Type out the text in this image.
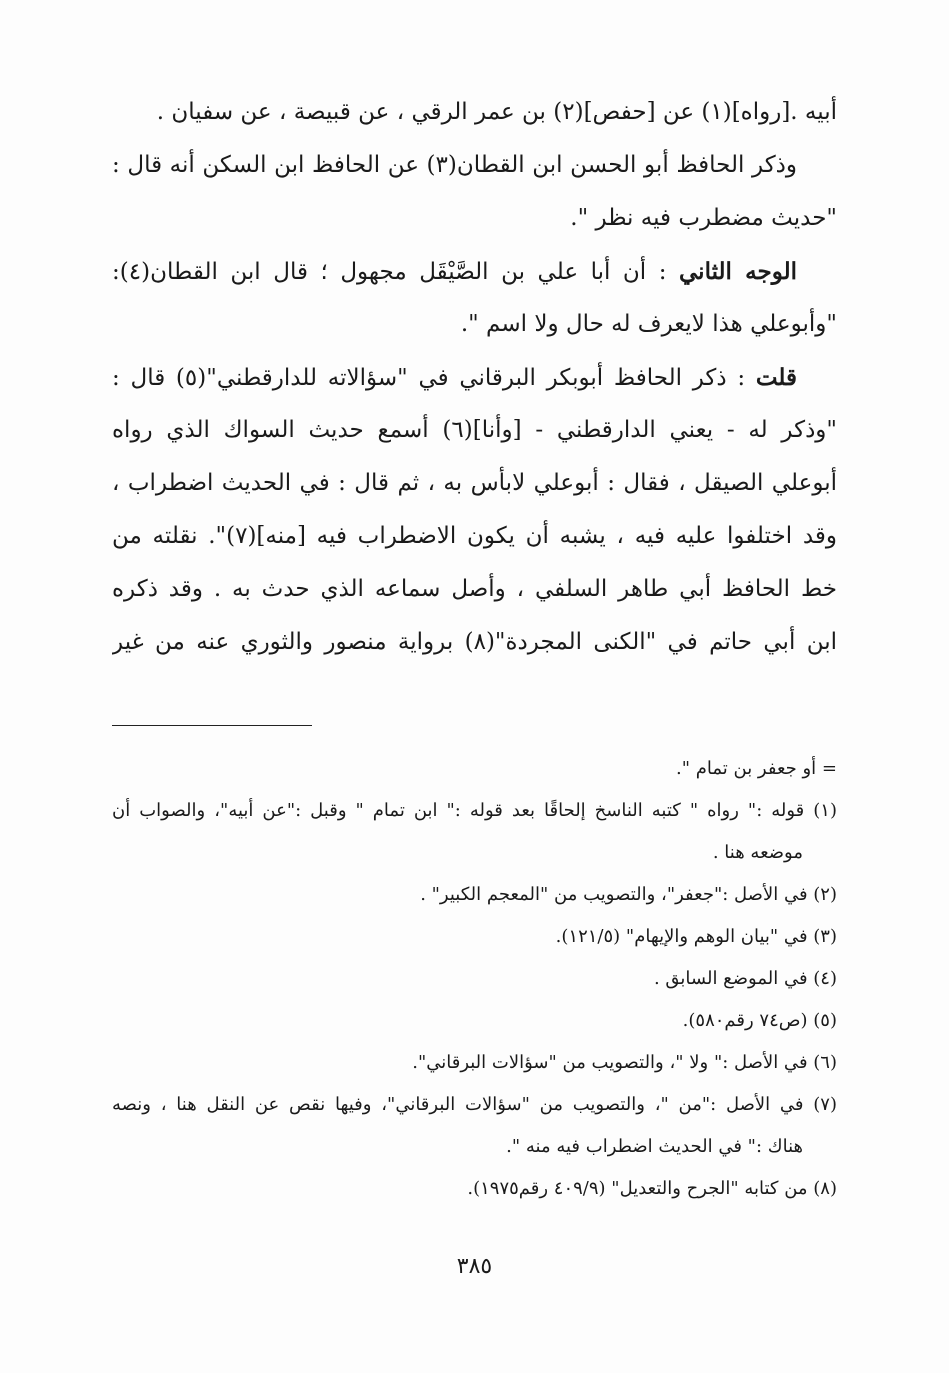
أبيه .[رواه](١) عن [حفص](٢) بن عمر الرقي ، عن قبيصة ، عن سفيان .
وذكر الحافظ أبو الحسن ابن القطان(٣) عن الحافظ ابن السكن أنه قال :
"حديث مضطرب فيه نظر ".
الوجه الثاني : أن أبا علي بن الصَّيْقَل مجهول ؛ قال ابن القطان(٤):
"وأبوعلي هذا لايعرف له حال ولا اسم ".
قلت : ذكر الحافظ أبوبكر البرقاني في "سؤالاته للدارقطني"(٥) قال :
"وذكر له - يعني الدارقطني - [وأنا](٦) أسمع حديث السواك الذي رواه
أبوعلي الصيقل ، فقال : أبوعلي لابأس به ، ثم قال : في الحديث اضطراب ،
وقد اختلفوا عليه فيه ، يشبه أن يكون الاضطراب فيه [منه](٧)". نقلته من
خط الحافظ أبي طاهر السلفي ، وأصل سماعه الذي حدث به . وقد ذكره
ابن أبي حاتم في "الكنى المجردة"(٨) برواية منصور والثوري عنه من غير
= أو جعفر بن تمام ".
(١) قوله :" رواه " كتبه الناسخ إلحاقًا بعد قوله :" ابن تمام " وقبل :"عن أبيه"، والصواب أن
موضعه هنا .
(٢) في الأصل :"جعفر"، والتصويب من "المعجم الكبير" .
(٣) في "بيان الوهم والإيهام" (١٢١/٥).
(٤) في الموضع السابق .
(٥) (ص٧٤ رقم٥٨٠).
(٦) في الأصل :" ولا "، والتصويب من "سؤالات البرقاني".
(٧) في الأصل :"من "، والتصويب من "سؤالات البرقاني"، وفيها نقص عن النقل هنا ، ونصه
هناك :" في الحديث اضطراب فيه منه ".
(٨) من كتابه "الجرح والتعديل" (٤٠٩/٩ رقم١٩٧٥).
٣٨٥
